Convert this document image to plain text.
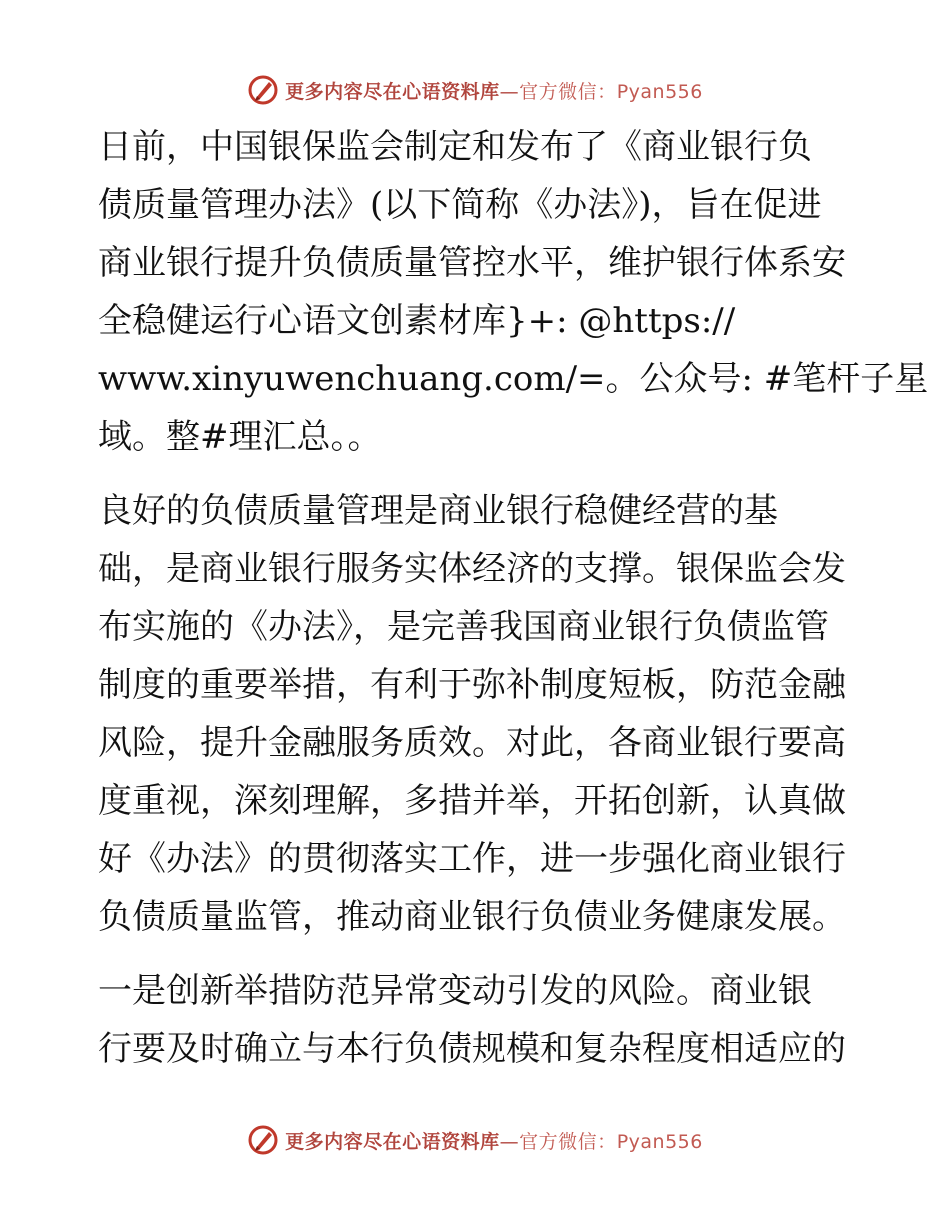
更多内容尽在心语资料库—官方微信：Pyan556
日前，中国银保监会制定和发布了《商业银行负
债质量管理办法》(以下简称《办法》)，旨在促进
商业银行提升负债质量管控水平，维护银行体系安
全稳健运行心语文创素材库}+: @https://
www.xinyuwenchuang.com/=。公众号: #笔杆子星
域。整#理汇总。。
良好的负债质量管理是商业银行稳健经营的基
础，是商业银行服务实体经济的支撑。银保监会发
布实施的《办法》，是完善我国商业银行负债监管
制度的重要举措，有利于弥补制度短板，防范金融
风险，提升金融服务质效。对此，各商业银行要高
度重视，深刻理解，多措并举，开拓创新，认真做
好《办法》的贯彻落实工作，进一步强化商业银行
负债质量监管，推动商业银行负债业务健康发展。
一是创新举措防范异常变动引发的风险。商业银
行要及时确立与本行负债规模和复杂程度相适应的
更多内容尽在心语资料库—官方微信：Pyan556
